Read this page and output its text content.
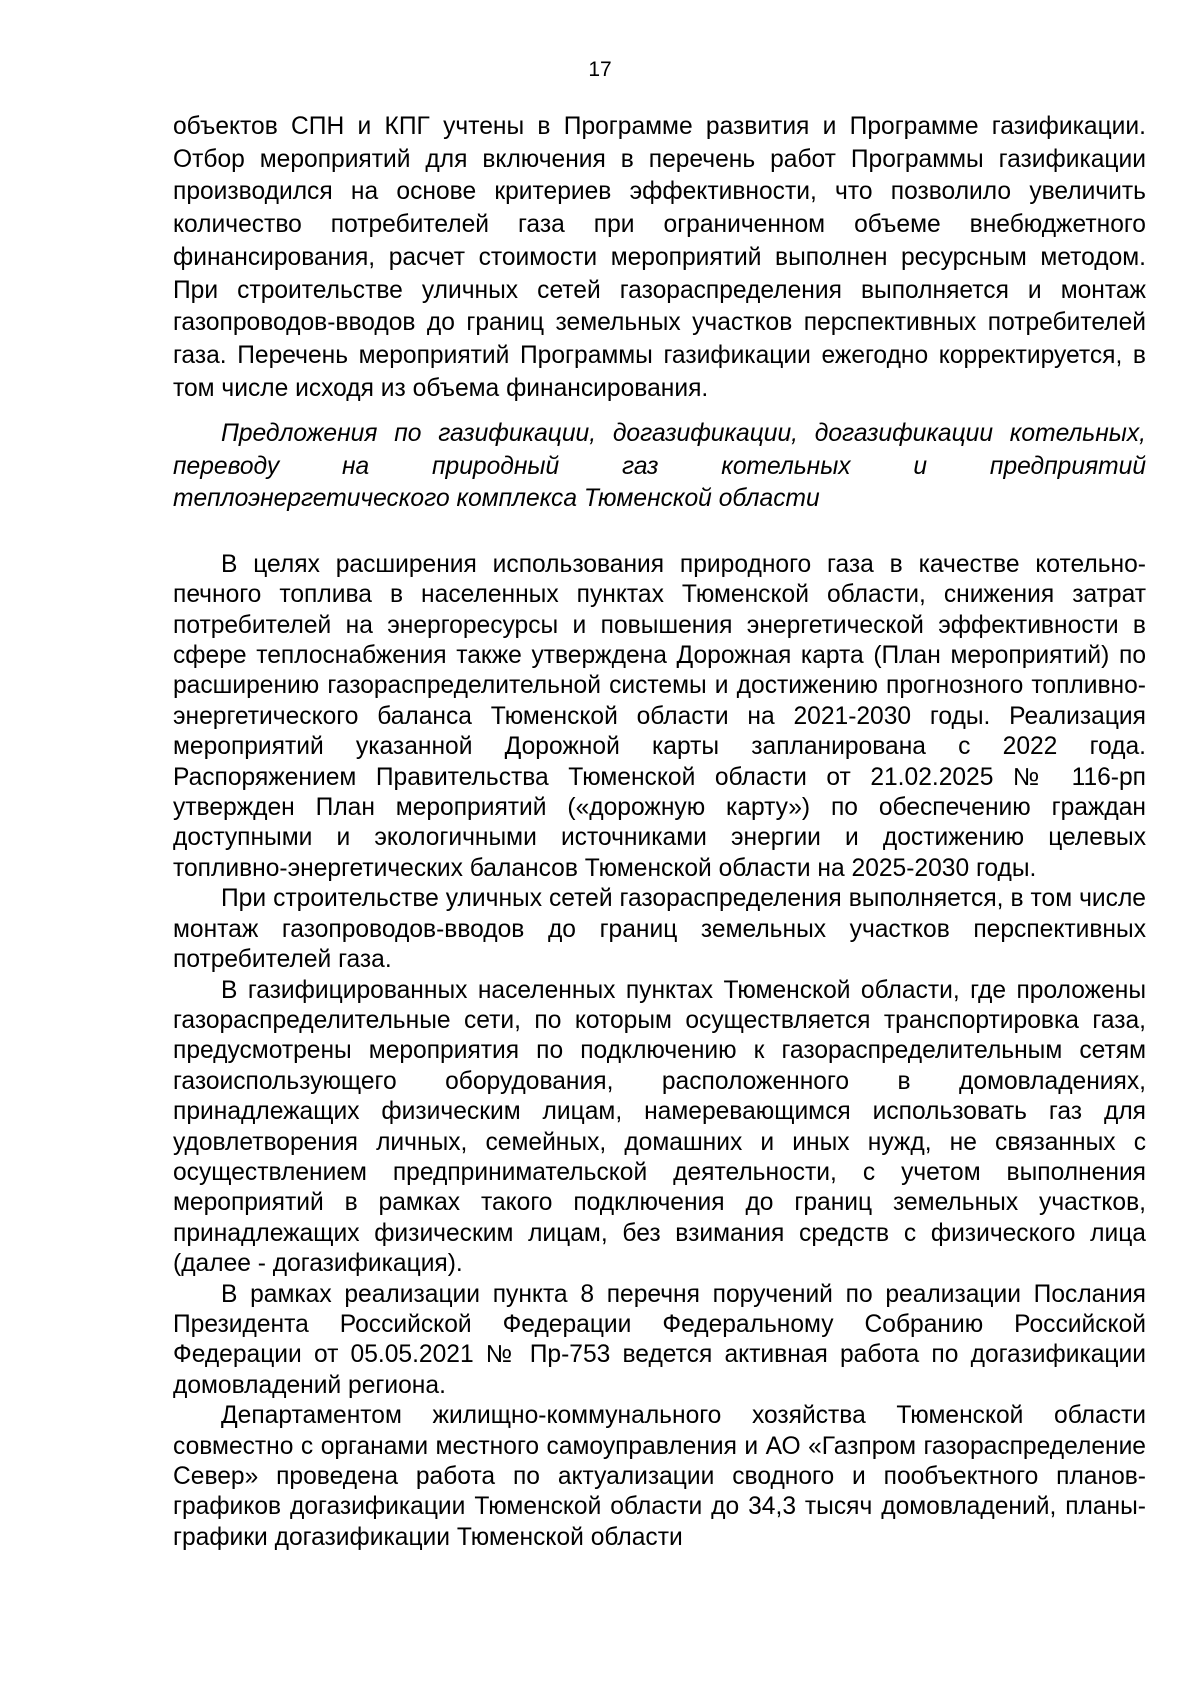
17

объектов СПН и КПГ учтены в Программе развития и Программе газификации. Отбор мероприятий для включения в перечень работ Программы газификации производился на основе критериев эффективности, что позволило увеличить количество потребителей газа при ограниченном объеме внебюджетного финансирования, расчет стоимости мероприятий выполнен ресурсным методом. При строительстве уличных сетей газораспределения выполняется и монтаж газопроводов-вводов до границ земельных участков перспективных потребителей газа. Перечень мероприятий Программы газификации ежегодно корректируется, в том числе исходя из объема финансирования.

Предложения по газификации, догазификации, догазификации котельных, переводу на природный газ котельных и предприятий

теплоэнергетического комплекса Тюменской области

В целях расширения использования природного газа в качестве котельно-печного топлива в населенных пунктах Тюменской области, снижения затрат потребителей на энергоресурсы и повышения энергетической эффективности в сфере теплоснабжения также утверждена Дорожная карта (План мероприятий) по расширению газораспределительной системы и достижению прогнозного топливно-энергетического баланса Тюменской области на 2021-2030 годы. Реализация мероприятий указанной Дорожной карты запланирована с 2022 года. Распоряжением Правительства Тюменской области от 21.02.2025 № 116-рп утвержден План мероприятий («дорожную карту») по обеспечению граждан доступными и экологичными источниками энергии и достижению целевых топливно-энергетических балансов Тюменской области на 2025-2030 годы.

При строительстве уличных сетей газораспределения выполняется, в том числе монтаж газопроводов-вводов до границ земельных участков перспективных потребителей газа.

В газифицированных населенных пунктах Тюменской области, где проложены газораспределительные сети, по которым осуществляется транспортировка газа, предусмотрены мероприятия по подключению к газораспределительным сетям газоиспользующего оборудования, расположенного в домовладениях, принадлежащих физическим лицам, намеревающимся использовать газ для удовлетворения личных, семейных, домашних и иных нужд, не связанных с осуществлением предпринимательской деятельности, с учетом выполнения мероприятий в рамках такого подключения до границ земельных участков, принадлежащих физическим лицам, без взимания средств с физического лица (далее - догазификация).

В рамках реализации пункта 8 перечня поручений по реализации Послания Президента Российской Федерации Федеральному Собранию Российской Федерации от 05.05.2021 № Пр-753 ведется активная работа по догазификации домовладений региона.

Департаментом жилищно-коммунального хозяйства Тюменской области совместно с органами местного самоуправления и АО «Газпром газораспределение Север» проведена работа по актуализации сводного и пообъектного планов-графиков догазификации Тюменской области до 34,3 тысяч домовладений, планы-графики догазификации Тюменской области
